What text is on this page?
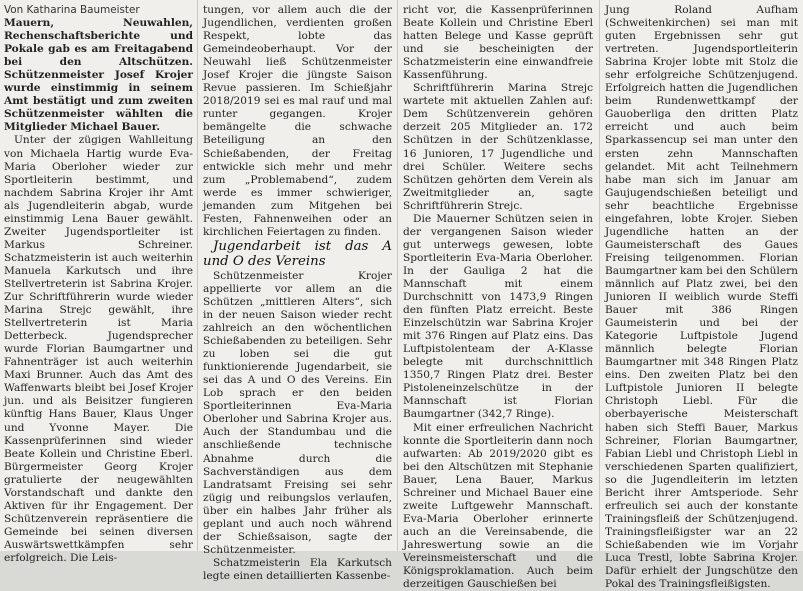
Von Katharina Baumeister

Mauern, Neuwahlen, Rechenschaftsberichte und Pokale gab es am Freitagabend bei den Altschützen. Schützenmeister Josef Krojer wurde einstimmig in seinem Amt bestätigt und zum zweiten Schützenmeister wählten die Mitglieder Michael Bauer.

Unter der zügigen Wahlleitung von Michaela Hartig wurde Eva-Maria Oberloher wieder zur Sportleiterin bestimmt, und nachdem Sabrina Krojer ihr Amt als Jugendleiterin abgab, wurde einstimmig Lena Bauer gewählt. Zweiter Jugendsportleiter ist Markus Schreiner. Schatzmeisterin ist auch weiterhin Manuela Karkutsch und ihre Stellvertreterin ist Sabrina Krojer. Zur Schriftführerin wurde wieder Marina Strejc gewählt, ihre Stellvertreterin ist Maria Detterbeck. Jugendsprecher wurde Florian Baumgartner und Fahnenträger ist auch weiterhin Maxi Brunner. Auch das Amt des Waffenwarts bleibt bei Josef Krojer jun. und als Beisitzer fungieren künftig Hans Bauer, Klaus Unger und Yvonne Mayer. Die Kassenprüferinnen sind wieder Beate Kollein und Christine Eberl. Bürgermeister Georg Krojer gratulierte der neugewählten Vorstandschaft und dankte den Aktiven für ihr Engagement. Der Schützenverein repräsentiere die Gemeinde bei seinen diversen Auswärtswettkämpfen sehr erfolgreich. Die Leis-

tungen, vor allem auch die der Jugendlichen, verdienten großen Respekt, lobte das Gemeindeoberhaupt. Vor der Neuwahl ließ Schützenmeister Josef Krojer die jüngste Saison Revue passieren. Im Schießjahr 2018/2019 sei es mal rauf und mal runter gegangen. Krojer bemängelte die schwache Beteiligung an den Schießabenden, der Freitag entwickle sich mehr und mehr zum „Problemabend“, zudem werde es immer schwieriger, jemanden zum Mitgehen bei Festen, Fahnenweihen oder an kirchlichen Feiertagen zu finden.

Jugendarbeit ist das A und O des Vereins

Schützenmeister Krojer appellierte vor allem an die Schützen „mittleren Alters“, sich in der neuen Saison wieder recht zahlreich an den wöchentlichen Schießabenden zu beteiligen. Sehr zu loben sei die gut funktionierende Jugendarbeit, sie sei das A und O des Vereins. Ein Lob sprach er den beiden Sportleiterinnen Eva-Maria Oberloher und Sabrina Krojer aus. Auch der Standumbau und die anschließende technische Abnahme durch die Sachverständigen aus dem Landratsamt Freising sei sehr zügig und reibungslos verlaufen, über ein halbes Jahr früher als geplant und auch noch während der Schießsaison, sagte der Schützenmeister.

Schatzmeisterin Ela Karkutsch legte einen detaillierten Kassenbe-

richt vor, die Kassenprüferinnen Beate Kollein und Christine Eberl hatten Belege und Kasse geprüft und sie bescheinigten der Schatzmeisterin eine einwandfreie Kassenführung.

Schriftführerin Marina Strejc wartete mit aktuellen Zahlen auf: Dem Schützenverein gehören derzeit 205 Mitglieder an. 172 Schützen in der Schützenklasse, 16 Junioren, 17 Jugendliche und drei Schüler. Weitere sechs Schützen gehörten dem Verein als Zweitmitglieder an, sagte Schriftführerin Strejc.

Die Mauerner Schützen seien in der vergangenen Saison wieder gut unterwegs gewesen, lobte Sportleiterin Eva-Maria Oberloher. In der Gauliga 2 hat die Mannschaft mit einem Durchschnitt von 1473,9 Ringen den fünften Platz erreicht. Beste Einzelschützin war Sabrina Krojer mit 376 Ringen auf Platz eins. Das Luftpistolenteam der A-Klasse belegte mit durchschnittlich 1350,7 Ringen Platz drei. Bester Pistoleneinzelschütze in der Mannschaft ist Florian Baumgartner (342,7 Ringe).

Mit einer erfreulichen Nachricht konnte die Sportleiterin dann noch aufwarten: Ab 2019/2020 gibt es bei den Altschützen mit Stephanie Bauer, Lena Bauer, Markus Schreiner und Michael Bauer eine zweite Luftgewehr Mannschaft. Eva-Maria Oberloher erinnerte auch an die Vereinsabende, die Jahreswertung sowie an die Vereinsmeisterschaft und die Königsproklamation. Auch beim derzeitigen Gauschießen bei

Jung Roland Aufham (Schweitenkirchen) sei man mit guten Ergebnissen sehr gut vertreten. Jugendsportleiterin Sabrina Krojer lobte mit Stolz die sehr erfolgreiche Schützenjugend. Erfolgreich hatten die Jugendlichen beim Rundenwettkampf der Gauoberliga den dritten Platz erreicht und auch beim Sparkassencup sei man unter den ersten zehn Mannschaften gelandet. Mit acht Teilnehmern habe man sich im Januar am Gaujugendschießen beteiligt und sehr beachtliche Ergebnisse eingefahren, lobte Krojer. Sieben Jugendliche hatten an der Gaumeisterschaft des Gaues Freising teilgenommen. Florian Baumgartner kam bei den Schülern männlich auf Platz zwei, bei den Junioren II weiblich wurde Steffi Bauer mit 386 Ringen Gaumeisterin und bei der Kategorie Luftpistole Jugend männlich belegte Florian Baumgartner mit 348 Ringen Platz eins. Den zweiten Platz bei den Luftpistole Junioren II belegte Christoph Liebl. Für die oberbayerische Meisterschaft haben sich Steffi Bauer, Markus Schreiner, Florian Baumgartner, Fabian Liebl und Christoph Liebl in verschiedenen Sparten qualifiziert, so die Jugendleiterin im letzten Bericht ihrer Amtsperiode. Sehr erfreulich sei auch der konstante Trainingsfleiß der Schützenjugend. Trainingsfleißigster war an 22 Schießabenden wie im Vorjahr Luca Trestl, lobte Sabrina Krojer. Dafür erhielt der Jungschütze den Pokal des Trainingsfleißigsten.
